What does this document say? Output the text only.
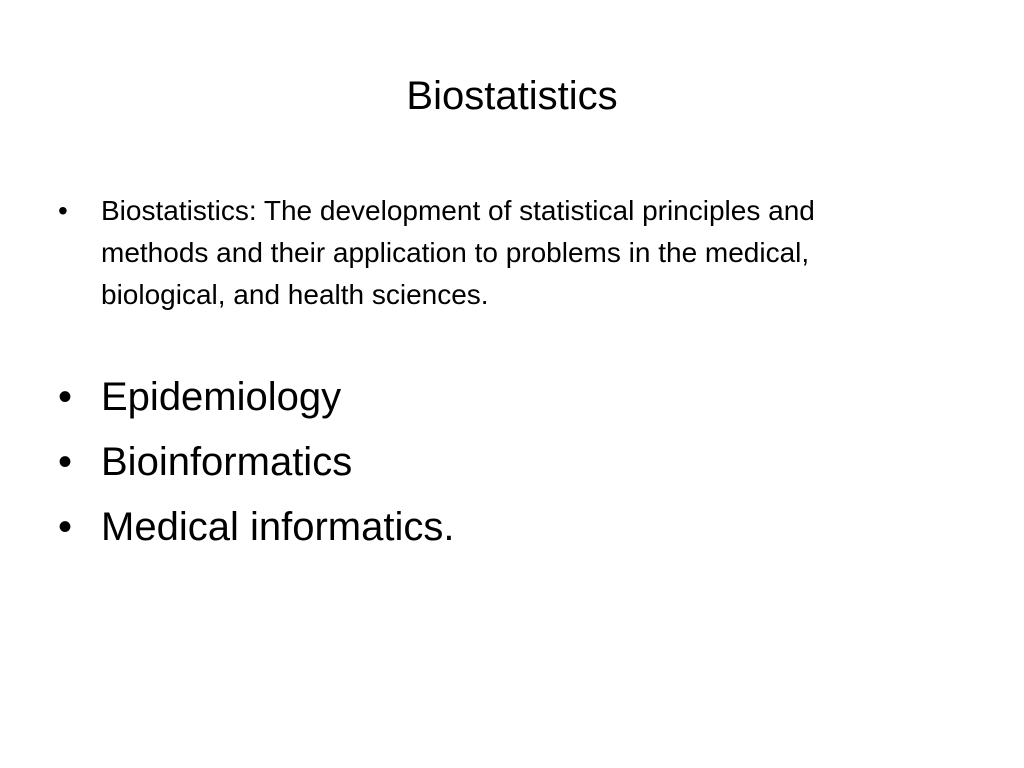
Biostatistics
• Biostatistics: The development of statistical principles and methods and their application to problems in the medical, biological, and health sciences.
• Epidemiology
• Bioinformatics
• Medical informatics.
